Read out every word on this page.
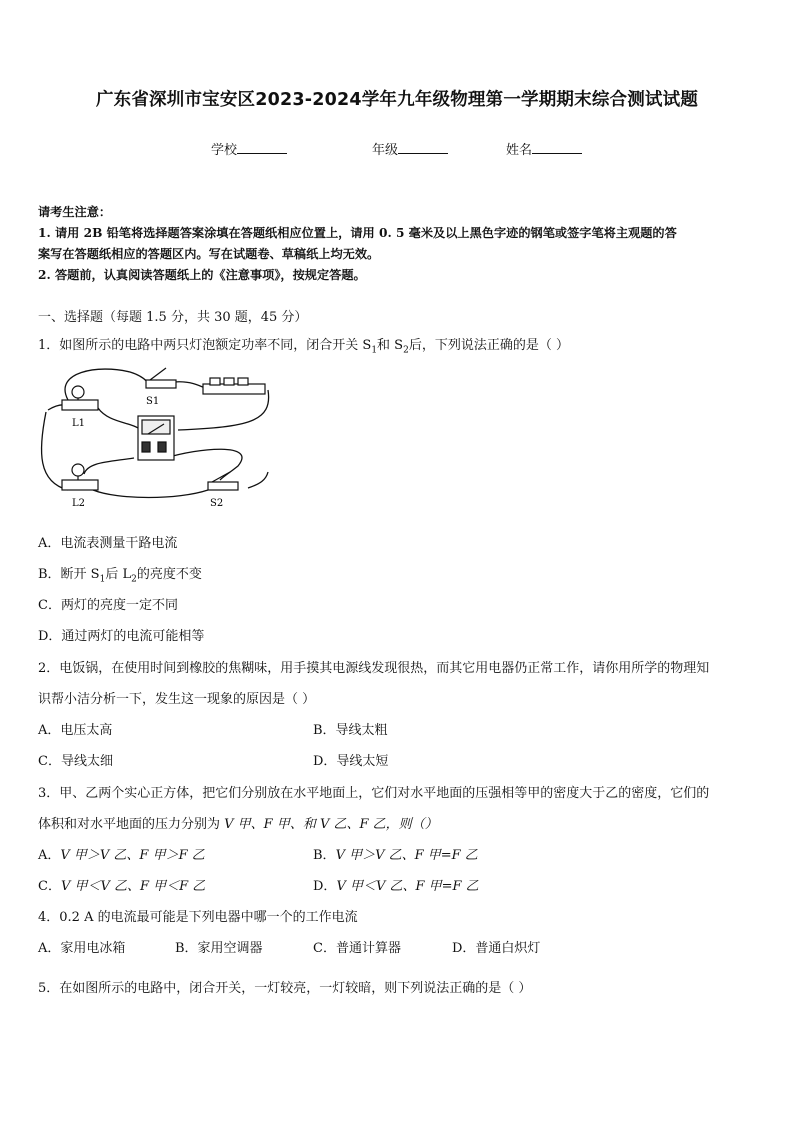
广东省深圳市宝安区2023-2024学年九年级物理第一学期期末综合测试试题
学校	年级	姓名
请考生注意：
1. 请用 2B 铅笔将选择题答案涂填在答题纸相应位置上，请用 0. 5 毫米及以上黑色字迹的钢笔或签字笔将主观题的答
案写在答题纸相应的答题区内。写在试题卷、草稿纸上均无效。
2. 答题前，认真阅读答题纸上的《注意事项》，按规定答题。
一、选择题（每题 1.5 分，共 30 题，45 分）
1．如图所示的电路中两只灯泡额定功率不同，闭合开关 $S_1$和 $S_2$后，下列说法正确的是（ ）
S1
L1
L2	S2
A．电流表测量干路电流
B．断开 $S_1$后 $L_2$的亮度不变
C．两灯的亮度一定不同
D．通过两灯的电流可能相等
2．电饭锅，在使用时间到橡胶的焦糊味，用手摸其电源线发现很热，而其它用电器仍正常工作，请你用所学的物理知
识帮小洁分析一下，发生这一现象的原因是（ ）
A．电压太高	B．导线太粗
C．导线太细	D．导线太短
3．甲、乙两个实心正方体，把它们分别放在水平地面上，它们对水平地面的压强相等甲的密度大于乙的密度，它们的
体积和对水平地面的压力分别为 V 甲、F 甲、和 V 乙、F 乙，则（）
A．V 甲＞V 乙、F 甲＞F 乙	B．V 甲＞V 乙、F 甲=F 乙
C．V 甲＜V 乙、F 甲＜F 乙	D．V 甲＜V 乙、F 甲=F 乙
4．0.2 A 的电流最可能是下列电器中哪一个的工作电流
A．家用电冰箱	B．家用空调器	C．普通计算器	D．普通白炽灯
5．在如图所示的电路中，闭合开关，一灯较亮，一灯较暗，则下列说法正确的是（ ）
